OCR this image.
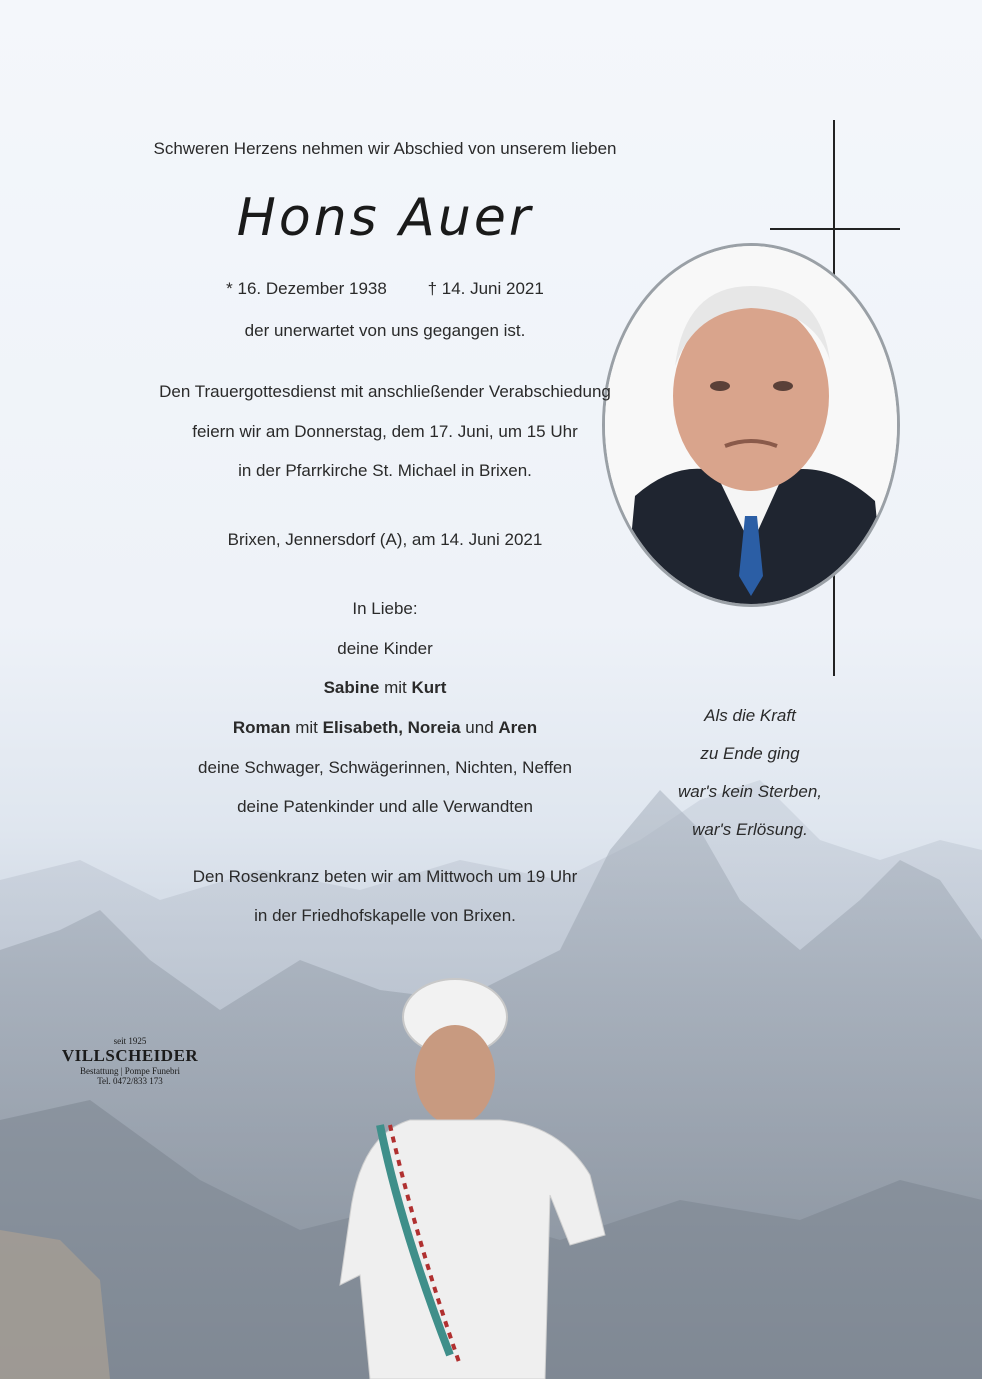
Schweren Herzens nehmen wir Abschied von unserem lieben
Hons Auer
* 16. Dezember 1938 † 14. Juni 2021
der unerwartet von uns gegangen ist.
Den Trauergottesdienst mit anschließender Verabschiedung
feiern wir am Donnerstag, dem 17. Juni, um 15 Uhr
in der Pfarrkirche St. Michael in Brixen.
Brixen, Jennersdorf (A), am 14. Juni 2021
In Liebe:
deine Kinder
Sabine mit Kurt
Roman mit Elisabeth, Noreia und Aren
deine Schwager, Schwägerinnen, Nichten, Neffen
deine Patenkinder und alle Verwandten
Den Rosenkranz beten wir am Mittwoch um 19 Uhr
in der Friedhofskapelle von Brixen.
Als die Kraft
zu Ende ging
war's kein Sterben,
war's Erlösung.
seit 1925
VILLSCHEIDER
Bestattung | Pompe Funebri
Tel. 0472/833 173
